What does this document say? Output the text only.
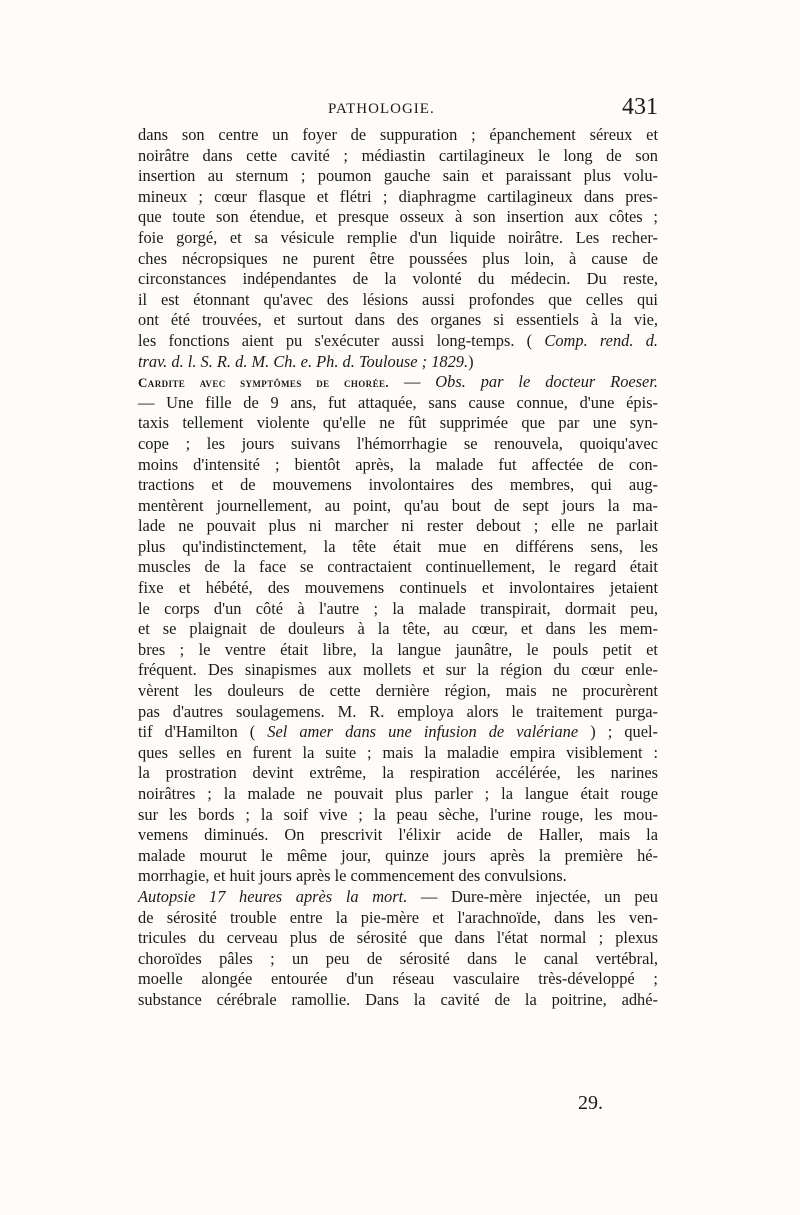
PATHOLOGIE.	431
dans son centre un foyer de suppuration ; épanchement séreux et
noirâtre dans cette cavité ; médiastin cartilagineux le long de son
insertion au sternum ; poumon gauche sain et paraissant plus volu-
mineux ; cœur flasque et flétri ; diaphragme cartilagineux dans pres-
que toute son étendue, et presque osseux à son insertion aux côtes ;
foie gorgé, et sa vésicule remplie d'un liquide noirâtre. Les recher-
ches nécropsiques ne purent être poussées plus loin, à cause de
circonstances indépendantes de la volonté du médecin. Du reste,
il est étonnant qu'avec des lésions aussi profondes que celles qui
ont été trouvées, et surtout dans des organes si essentiels à la vie,
les fonctions aient pu s'exécuter aussi long-temps. ( Comp. rend. d.
trav. d. l. S. R. d. M. Ch. e. Ph. d. Toulouse ; 1829.)
Cardite avec symptômes de chorée. — Obs. par le docteur Roeser.
— Une fille de 9 ans, fut attaquée, sans cause connue, d'une épis-
taxis tellement violente qu'elle ne fût supprimée que par une syn-
cope ; les jours suivans l'hémorrhagie se renouvela, quoiqu'avec
moins d'intensité ; bientôt après, la malade fut affectée de con-
tractions et de mouvemens involontaires des membres, qui aug-
mentèrent journellement, au point, qu'au bout de sept jours la ma-
lade ne pouvait plus ni marcher ni rester debout ; elle ne parlait
plus qu'indistinctement, la tête était mue en différens sens, les
muscles de la face se contractaient continuellement, le regard était
fixe et hébété, des mouvemens continuels et involontaires jetaient
le corps d'un côté à l'autre ; la malade transpirait, dormait peu,
et se plaignait de douleurs à la tête, au cœur, et dans les mem-
bres ; le ventre était libre, la langue jaunâtre, le pouls petit et
fréquent. Des sinapismes aux mollets et sur la région du cœur enle-
vèrent les douleurs de cette dernière région, mais ne procurèrent
pas d'autres soulagemens. M. R. employa alors le traitement purga-
tif d'Hamilton ( Sel amer dans une infusion de valériane ) ; quel-
ques selles en furent la suite ; mais la maladie empira visiblement :
la prostration devint extrême, la respiration accélérée, les narines
noirâtres ; la malade ne pouvait plus parler ; la langue était rouge
sur les bords ; la soif vive ; la peau sèche, l'urine rouge, les mou-
vemens diminués. On prescrivit l'élixir acide de Haller, mais la
malade mourut le même jour, quinze jours après la première hé-
morrhagie, et huit jours après le commencement des convulsions.
Autopsie 17 heures après la mort. — Dure-mère injectée, un peu
de sérosité trouble entre la pie-mère et l'arachnoïde, dans les ven-
tricules du cerveau plus de sérosité que dans l'état normal ; plexus
choroïdes pâles ; un peu de sérosité dans le canal vertébral,
moelle alongée entourée d'un réseau vasculaire très-développé ;
substance cérébrale ramollie. Dans la cavité de la poitrine, adhé-
29.
